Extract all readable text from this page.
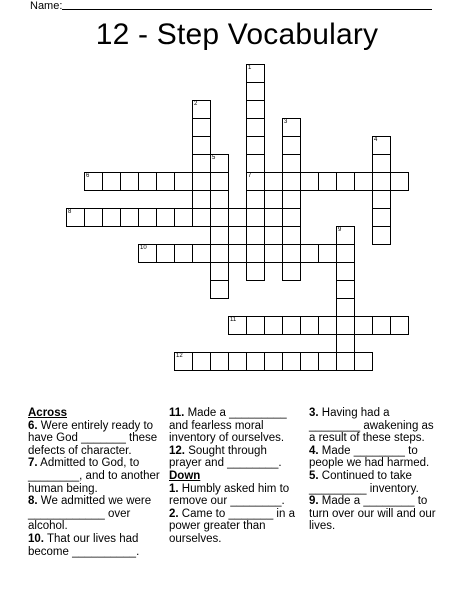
Name:
12 - Step Vocabulary
1
7
2
3
4
5
6
8
9
10
11
12
Across
6. Were entirely ready to have God _______ these defects of character.
7. Admitted to God, to ________, and to another human being.
8. We admitted we were ____________ over alcohol.
10. That our lives had become __________.
11. Made a _________ and fearless moral inventory of ourselves.
12. Sought through prayer and ________.
Down
1. Humbly asked him to remove our ________.
2. Came to _______ in a power greater than ourselves.
3. Having had a ________ awakening as a result of these steps.
4. Made ________ to people we had harmed.
5. Continued to take _________ inventory.
9. Made a ________ to turn over our will and our lives.
